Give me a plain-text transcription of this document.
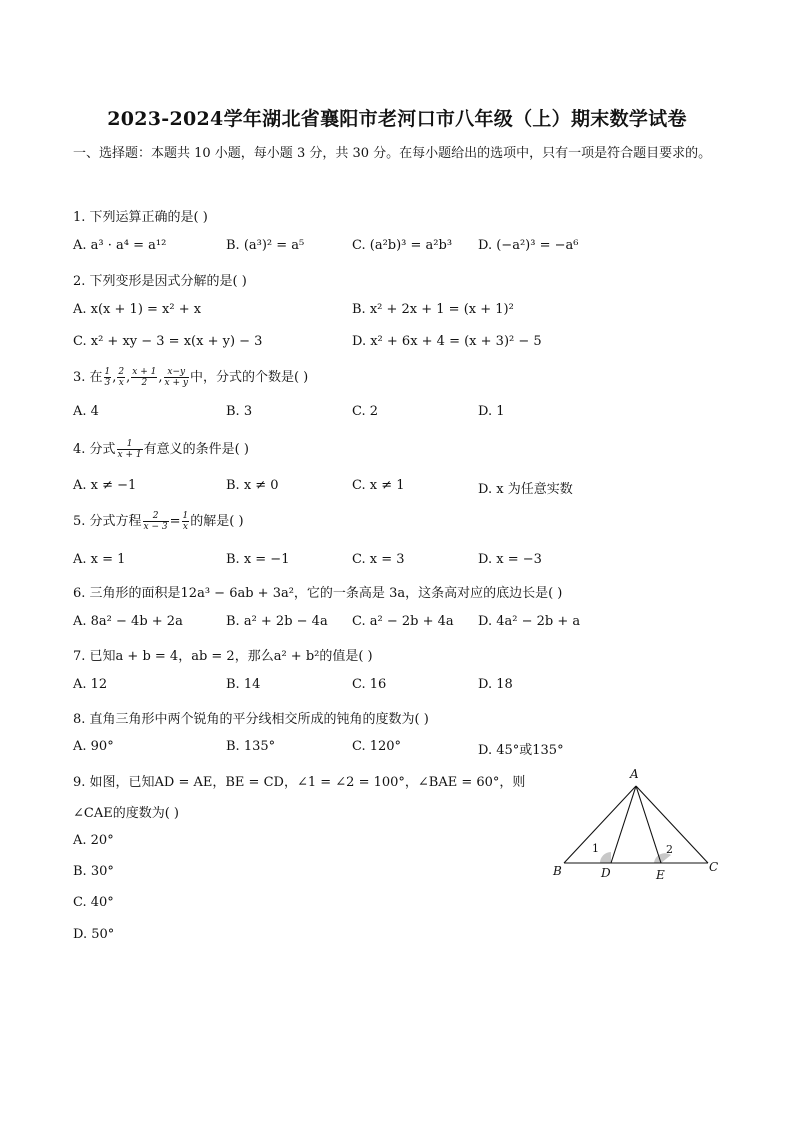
2023-2024学年湖北省襄阳市老河口市八年级（上）期末数学试卷
一、选择题：本题共 10 小题，每小题 3 分，共 30 分。在每小题给出的选项中，只有一项是符合题目要求的。
1. 下列运算正确的是( )
A. a³ · a⁴ = a¹²	B. (a³)² = a⁵	C. (a²b)³ = a²b³ D. (−a²)³ = −a⁶
2. 下列变形是因式分解的是( )
A. x(x + 1) = x² + x	B. x² + 2x + 1 = (x + 1)²
C. x² + xy − 3 = x(x + y) − 3	D. x² + 6x + 4 = (x + 3)² − 5
3. 在 $\frac{1}{3}$ , $\frac{2}{x}$ , $\frac{x + 1}{2}$ , $\frac{x-y}{x + y}$ 中，分式的个数是( )
A. 4	B. 3	C. 2	D. 1
4. 分式 $\frac{1}{x + 1}$ 有意义的条件是( )
A. x ≠ −1	B. x ≠ 0	C. x ≠ 1	D. x 为任意实数
5. 分式方程 $\frac{2}{x - 3} = \frac{1}{x}$ 的解是( )
A. x = 1	B. x = −1	C. x = 3	D. x = −3
6. 三角形的面积是12a³ − 6ab + 3a²，它的一条高是 3a，这条高对应的底边长是( )
A. 8a² − 4b + 2a	B. a² + 2b − 4a C. a² − 2b + 4a D. 4a² − 2b + a
7. 已知a + b = 4，ab = 2，那么a² + b²的值是( )
A. 12	B. 14	C. 16	D. 18
8. 直角三角形中两个锐角的平分线相交所成的钝角的度数为( )
A. 90°	B. 135°	C. 120°	D. 45°或135°
9. 如图，已知AD = AE，BE = CD，∠1 = ∠2 = 100°，∠BAE = 60°，则
∠CAE的度数为( )
A. 20°
B. 30°
C. 40°
D. 50°
A
B	C
D	E
1	2
